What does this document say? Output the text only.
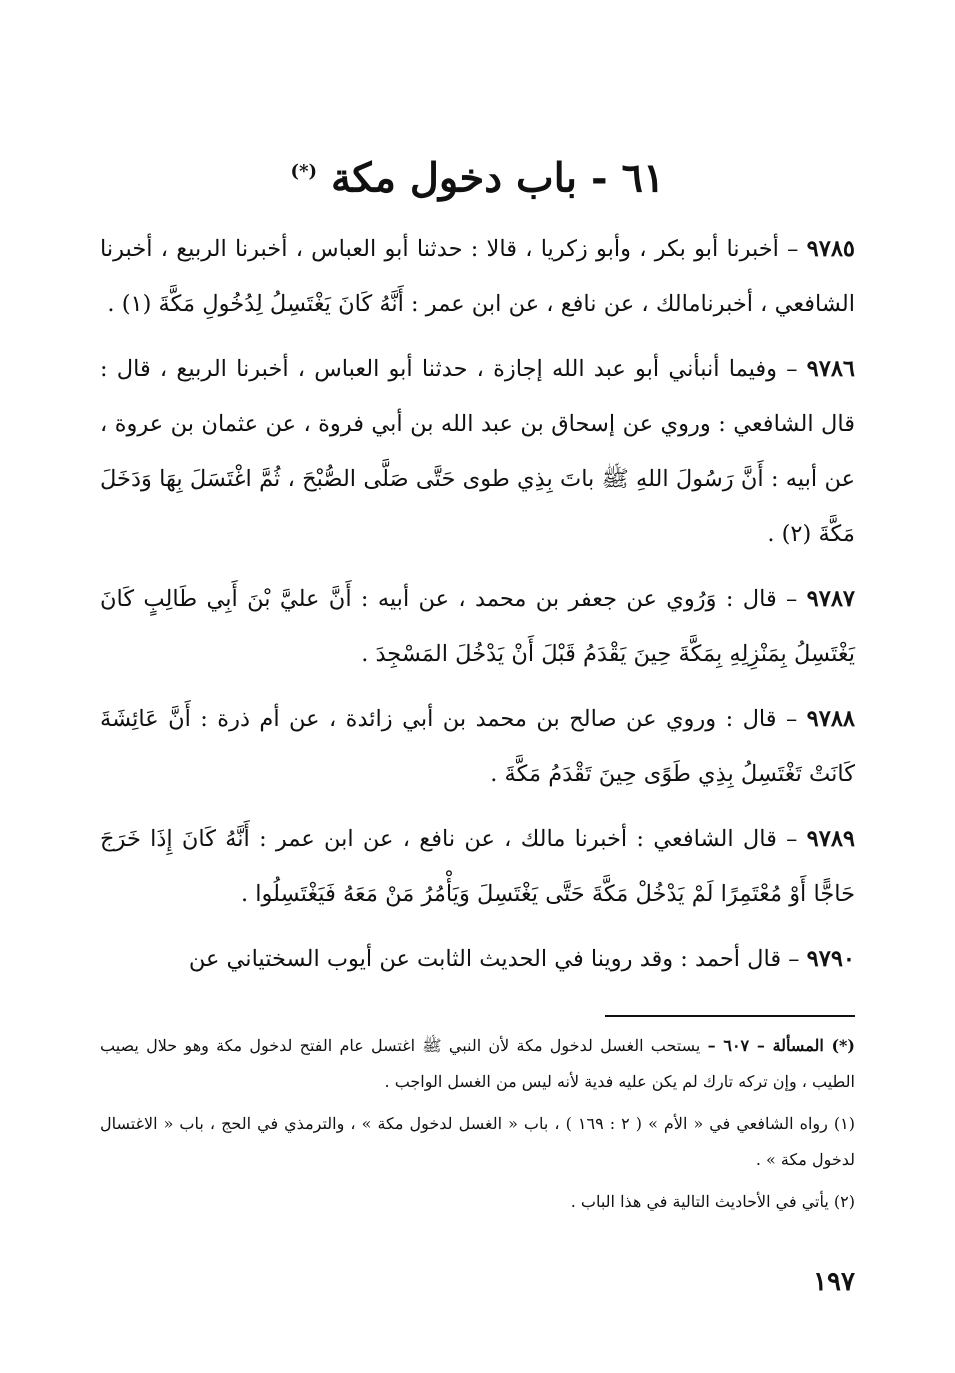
٦١ - باب دخول مكة (*)

٩٧٨٥ – أخبرنا أبو بكر ، وأبو زكريا ، قالا : حدثنا أبو العباس ، أخبرنا الربيع ، أخبرنا الشافعي ، أخبرنامالك ، عن نافع ، عن ابن عمر : أَنَّهُ كَانَ يَغْتَسِلُ لِدُخُولِ مَكَّةَ (١) .

٩٧٨٦ – وفيما أنبأني أبو عبد الله إجازة ، حدثنا أبو العباس ، أخبرنا الربيع ، قال : قال الشافعي : وروي عن إسحاق بن عبد الله بن أبي فروة ، عن عثمان بن عروة ، عن أبيه : أَنَّ رَسُولَ اللهِ ﷺ باتَ بِذِي طوى حَتَّى صَلَّى الصُّبْحَ ، ثُمَّ اغْتَسَلَ بِهَا وَدَخَلَ مَكَّةَ (٢) .

٩٧٨٧ – قال : وَرُوي عن جعفر بن محمد ، عن أبيه : أَنَّ عليَّ بْنَ أَبِي طَالِبٍ كَانَ يَغْتَسِلُ بِمَنْزِلِهِ بِمَكَّةَ حِينَ يَقْدَمُ قَبْلَ أَنْ يَدْخُلَ المَسْجِدَ .

٩٧٨٨ – قال : وروي عن صالح بن محمد بن أبي زائدة ، عن أم ذرة : أَنَّ عَائِشَةَ كَانَتْ تَغْتَسِلُ بِذِي طَوًى حِينَ تَقْدَمُ مَكَّةَ .

٩٧٨٩ – قال الشافعي : أخبرنا مالك ، عن نافع ، عن ابن عمر : أَنَّهُ كَانَ إِذَا خَرَجَ حَاجًّا أَوْ مُعْتَمِرًا لَمْ يَدْخُلْ مَكَّةَ حَتَّى يَغْتَسِلَ وَيَأْمُرُ مَنْ مَعَهُ فَيَغْتَسِلُوا .

٩٧٩٠ – قال أحمد : وقد روينا في الحديث الثابت عن أيوب السختياني عن

(*) المسألة – ٦٠٧ – يستحب الغسل لدخول مكة لأن النبي ﷺ اغتسل عام الفتح لدخول مكة وهو حلال يصيب الطيب ، وإن تركه تارك لم يكن عليه فدية لأنه ليس من الغسل الواجب .

(١) رواه الشافعي في « الأم » ( ٢ : ١٦٩ ) ، باب « الغسل لدخول مكة » ، والترمذي في الحج ، باب « الاغتسال لدخول مكة » .

(٢) يأتي في الأحاديث التالية في هذا الباب .

١٩٧
